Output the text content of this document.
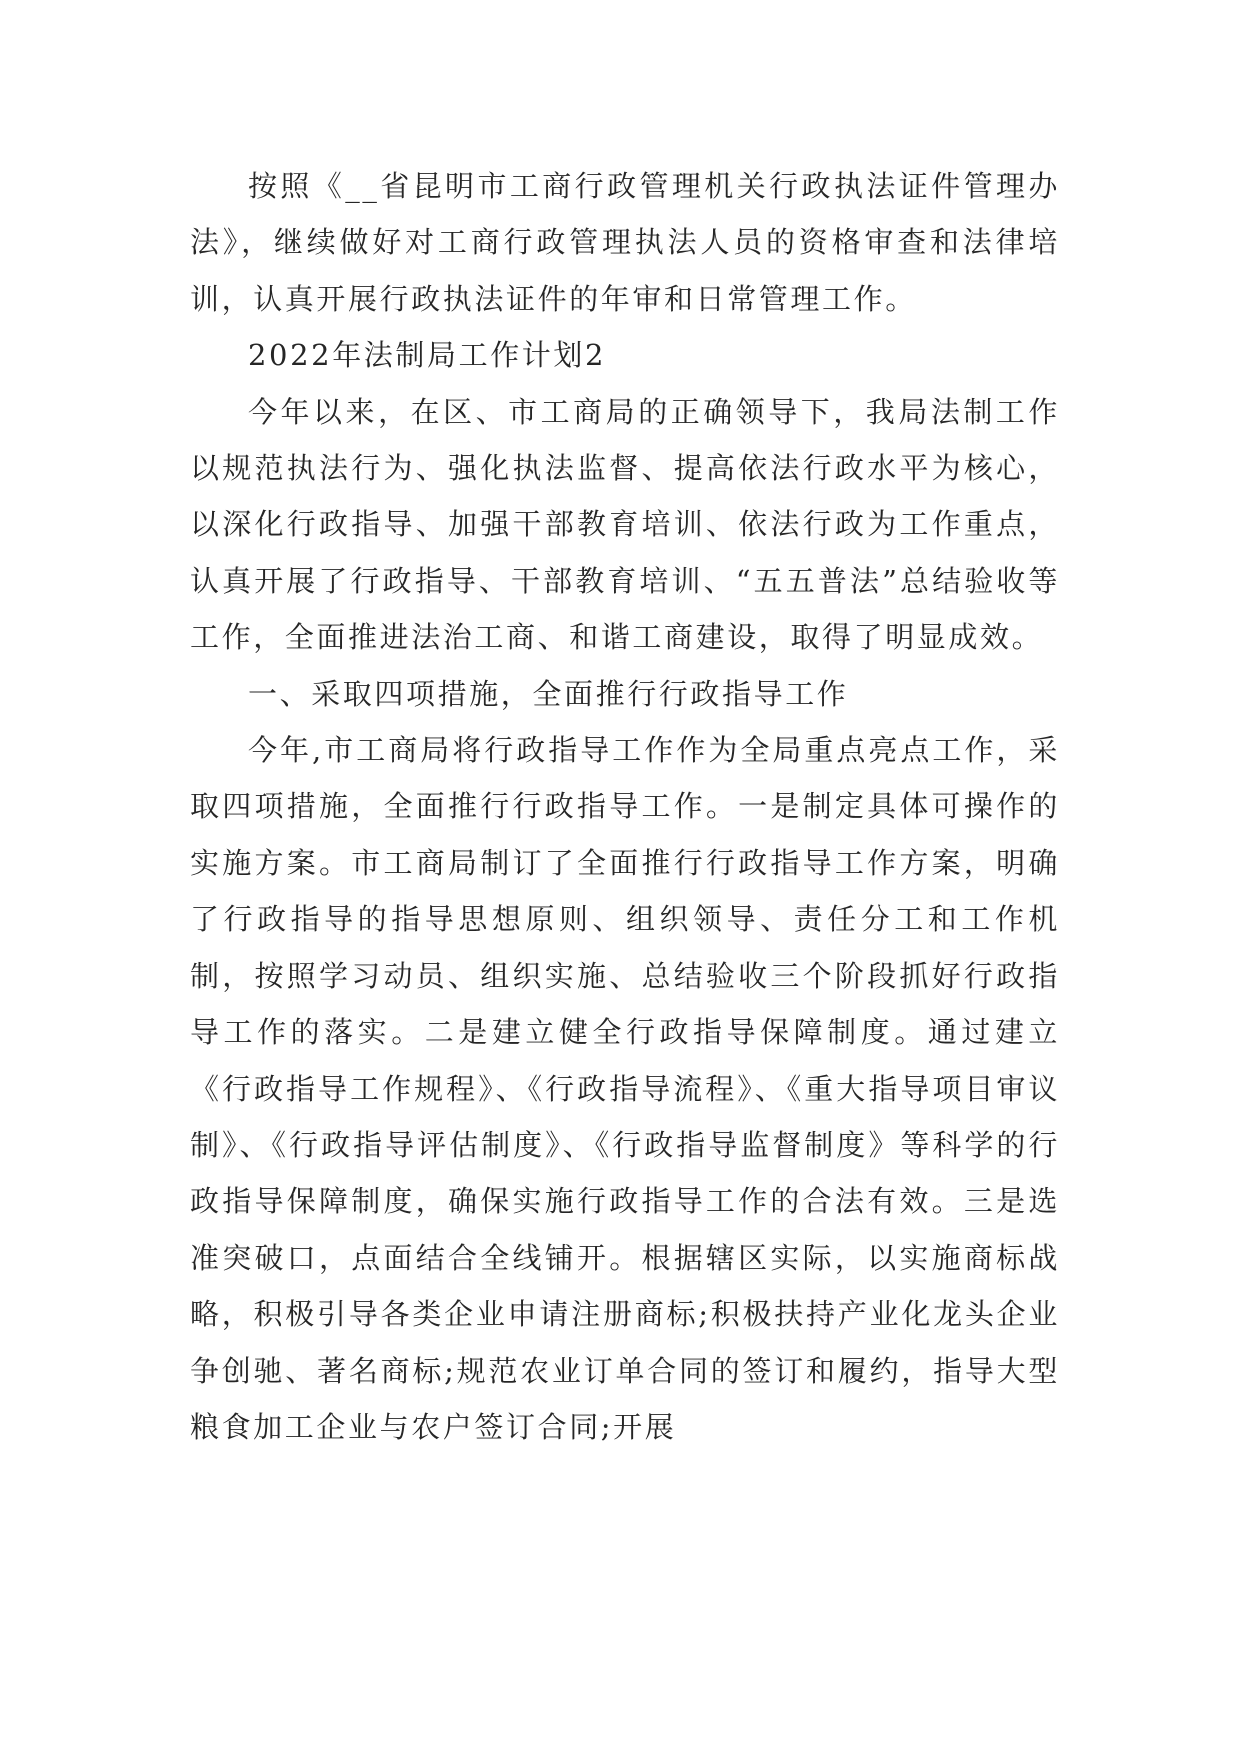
按照《__省昆明市工商行政管理机关行政执法证件管理办法》，继续做好对工商行政管理执法人员的资格审查和法律培训，认真开展行政执法证件的年审和日常管理工作。

2022年法制局工作计划2

今年以来，在区、市工商局的正确领导下，我局法制工作以规范执法行为、强化执法监督、提高依法行政水平为核心，以深化行政指导、加强干部教育培训、依法行政为工作重点，认真开展了行政指导、干部教育培训、“五五普法”总结验收等工作，全面推进法治工商、和谐工商建设，取得了明显成效。

一、采取四项措施，全面推行行政指导工作

今年,市工商局将行政指导工作作为全局重点亮点工作，采取四项措施，全面推行行政指导工作。一是制定具体可操作的实施方案。市工商局制订了全面推行行政指导工作方案，明确了行政指导的指导思想原则、组织领导、责任分工和工作机制，按照学习动员、组织实施、总结验收三个阶段抓好行政指导工作的落实。二是建立健全行政指导保障制度。通过建立《行政指导工作规程》、《行政指导流程》、《重大指导项目审议制》、《行政指导评估制度》、《行政指导监督制度》等科学的行政指导保障制度，确保实施行政指导工作的合法有效。三是选准突破口，点面结合全线铺开。根据辖区实际，以实施商标战略，积极引导各类企业申请注册商标;积极扶持产业化龙头企业争创驰、著名商标;规范农业订单合同的签订和履约，指导大型粮食加工企业与农户签订合同;开展
